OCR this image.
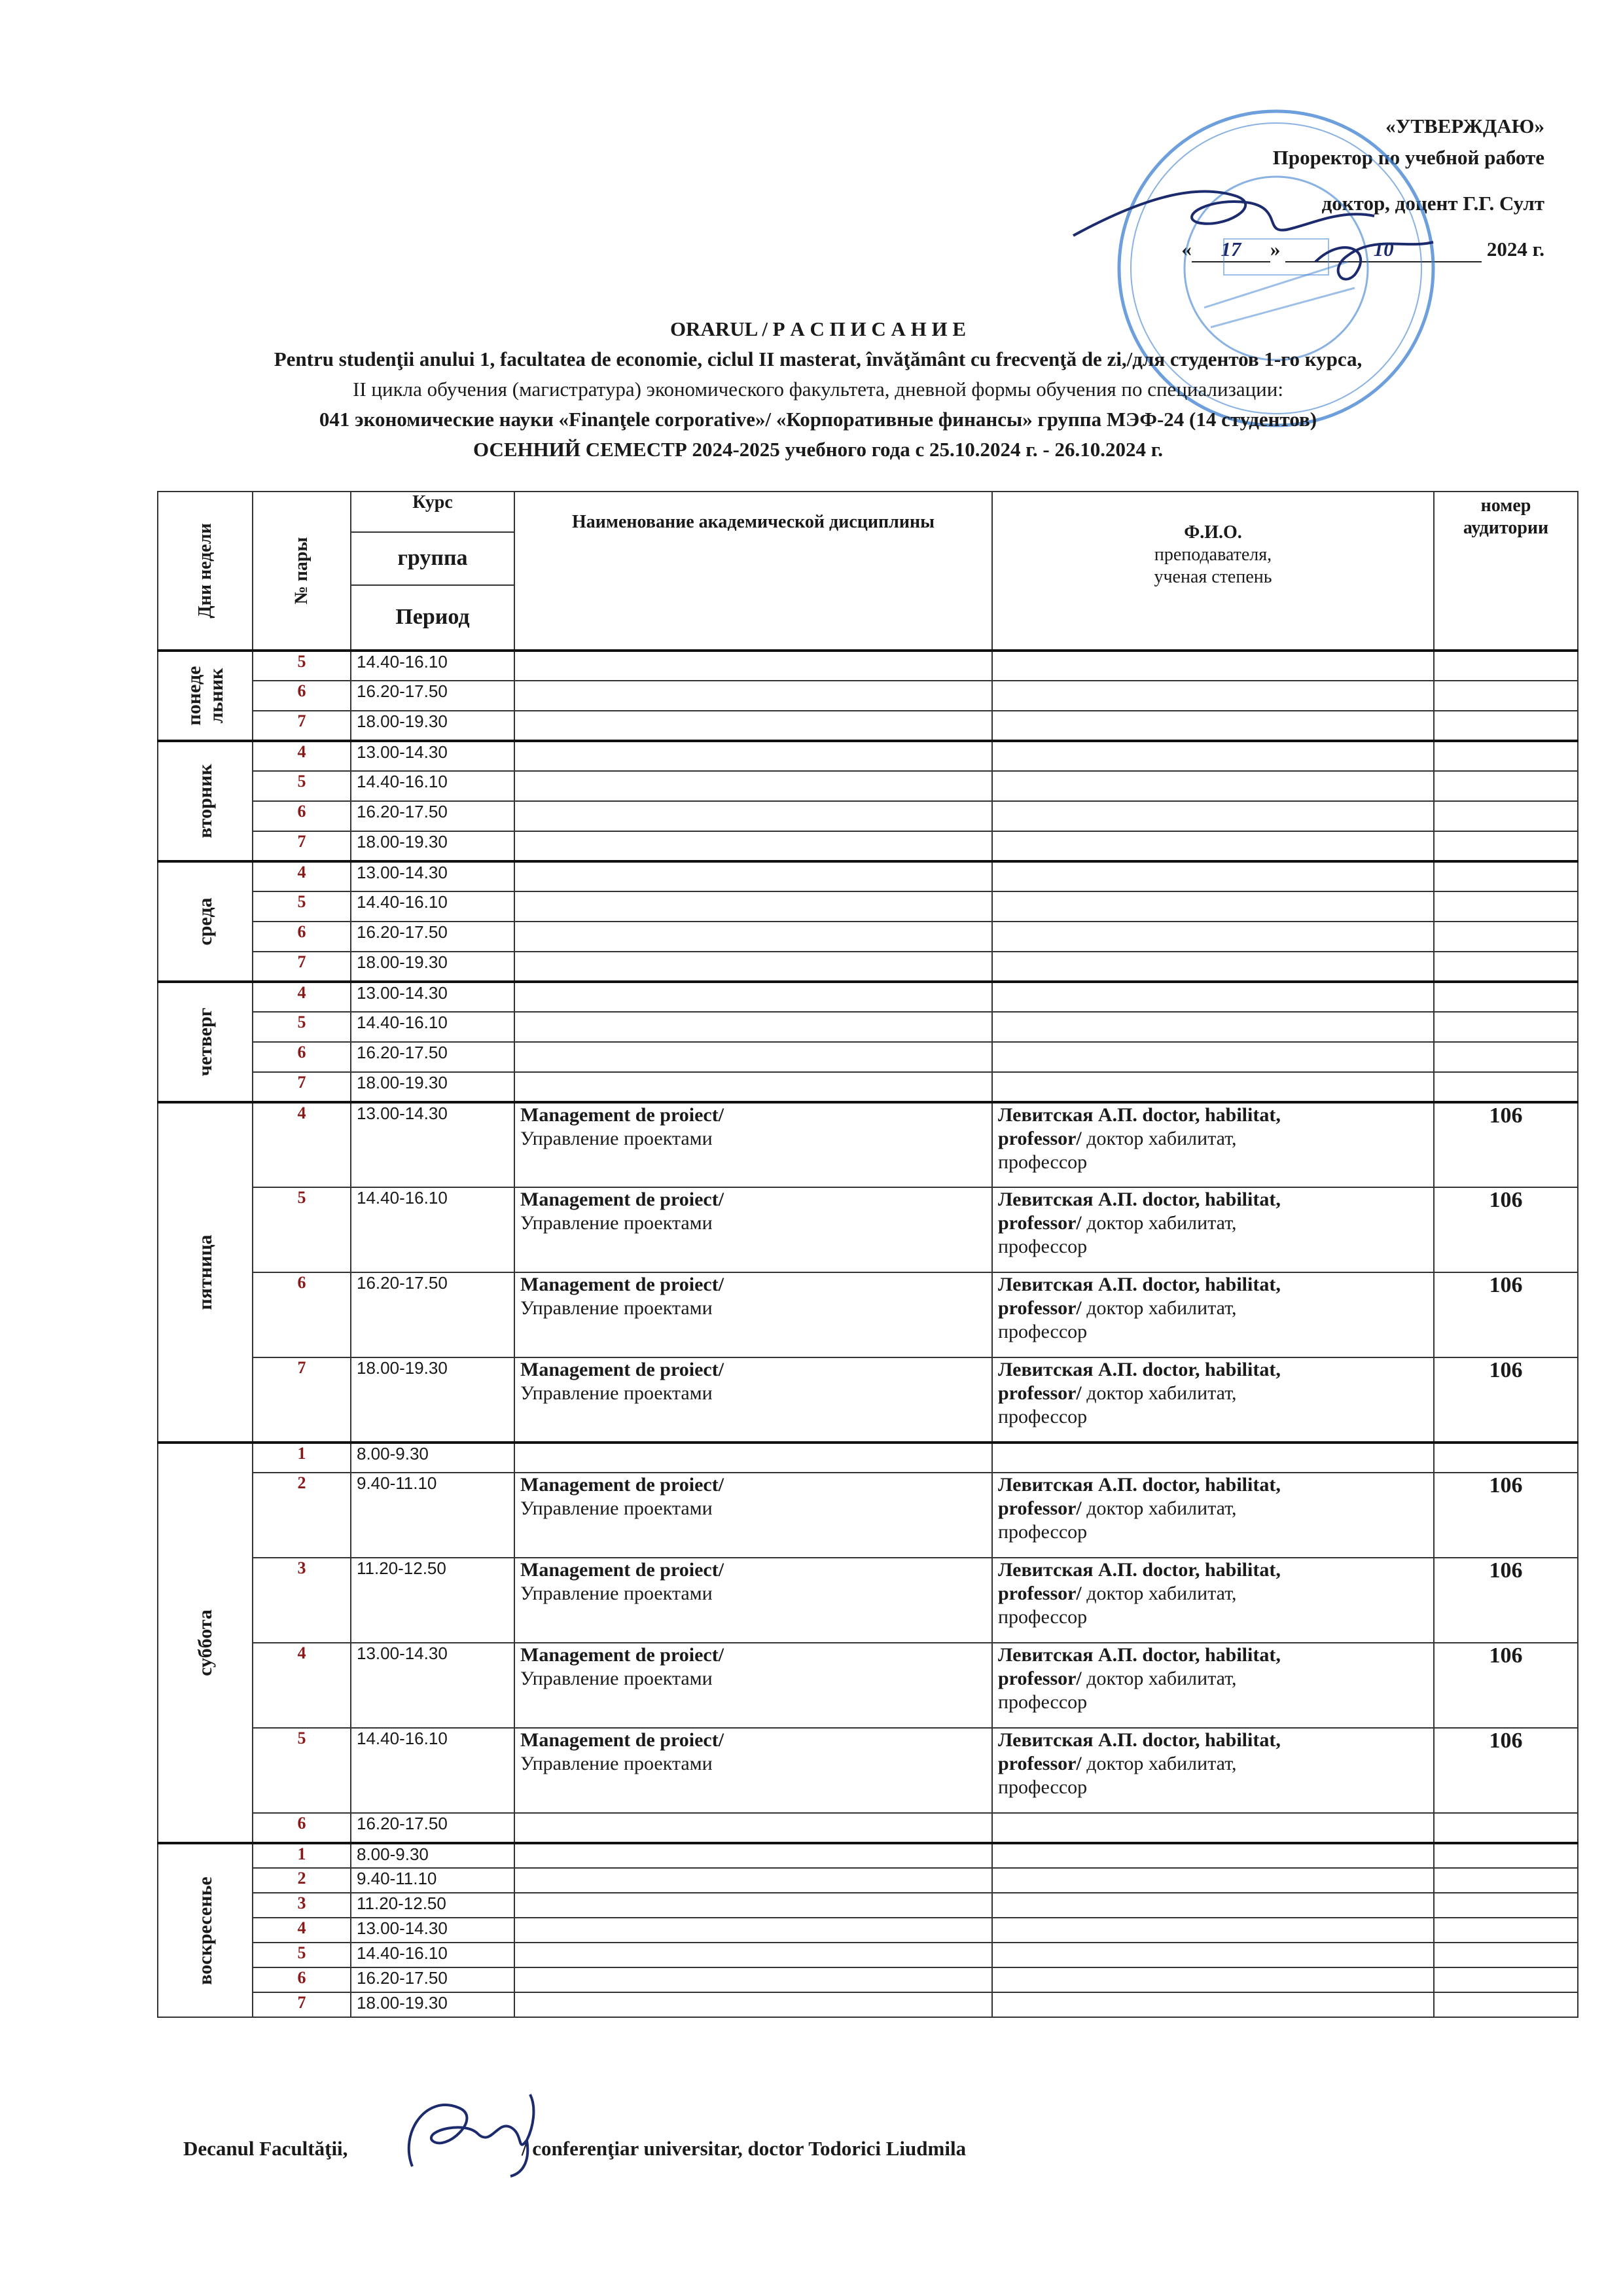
«УТВЕРЖДАЮ»
Проректор по учебной работе
доктор, доцент Г.Г. Султ
« 17 »	10	2024 г.
ORARUL / Р А С П И С А Н И Е
Pentru studenţii anului 1, facultatea de economie, ciclul II masterat, învăţământ cu frecvenţă de zi,/для студентов 1-го курса,
II цикла обучения (магистратура) экономического факультета, дневной формы обучения по специализации:
041 экономические науки «Finanţele corporative»/ «Корпоративные финансы» группа МЭФ-24 (14 студентов)
ОСЕННИЙ СЕМЕСТР 2024-2025 учебного года с 25.10.2024 г. - 26.10.2024 г.
Дни недели	№ пары	Курс	Наименование академической дисциплины	Ф.И.О.
преподавателя,
ученая степень	номер
аудитории
		группа			
		Период			

понеде льник	5	14.40-16.10			
	6	16.20-17.50			
	7	18.00-19.30			

вторник	4	13.00-14.30			
	5	14.40-16.10			
	6	16.20-17.50			
	7	18.00-19.30			

среда	4	13.00-14.30			
	5	14.40-16.10			
	6	16.20-17.50			
	7	18.00-19.30			

четверг	4	13.00-14.30			
	5	14.40-16.10			
	6	16.20-17.50			
	7	18.00-19.30			

пятница	4	13.00-14.30	Management de proiect/
Управление проектами	Левитская А.П. doctor, habilitat,
professor/ доктор хабилитат,
профессор	106
	5	14.40-16.10	Management de proiect/
Управление проектами	Левитская А.П. doctor, habilitat,
professor/ доктор хабилитат,
профессор	106
	6	16.20-17.50	Management de proiect/
Управление проектами	Левитская А.П. doctor, habilitat,
professor/ доктор хабилитат,
профессор	106
	7	18.00-19.30	Management de proiect/
Управление проектами	Левитская А.П. doctor, habilitat,
professor/ доктор хабилитат,
профессор	106

суббота	1	8.00-9.30			
	2	9.40-11.10	Management de proiect/
Управление проектами	Левитская А.П. doctor, habilitat,
professor/ доктор хабилитат,
профессор	106
	3	11.20-12.50	Management de proiect/
Управление проектами	Левитская А.П. doctor, habilitat,
professor/ доктор хабилитат,
профессор	106
	4	13.00-14.30	Management de proiect/
Управление проектами	Левитская А.П. doctor, habilitat,
professor/ доктор хабилитат,
профессор	106
	5	14.40-16.10	Management de proiect/
Управление проектами	Левитская А.П. doctor, habilitat,
professor/ доктор хабилитат,
профессор	106
	6	16.20-17.50			

воскресенье	1	8.00-9.30			
	2	9.40-11.10			
	3	11.20-12.50			
	4	13.00-14.30			
	5	14.40-16.10			
	6	16.20-17.50			
	7	18.00-19.30			
Decanul Facultăţii,	/ conferenţiar universitar, doctor Todorici Liudmila
